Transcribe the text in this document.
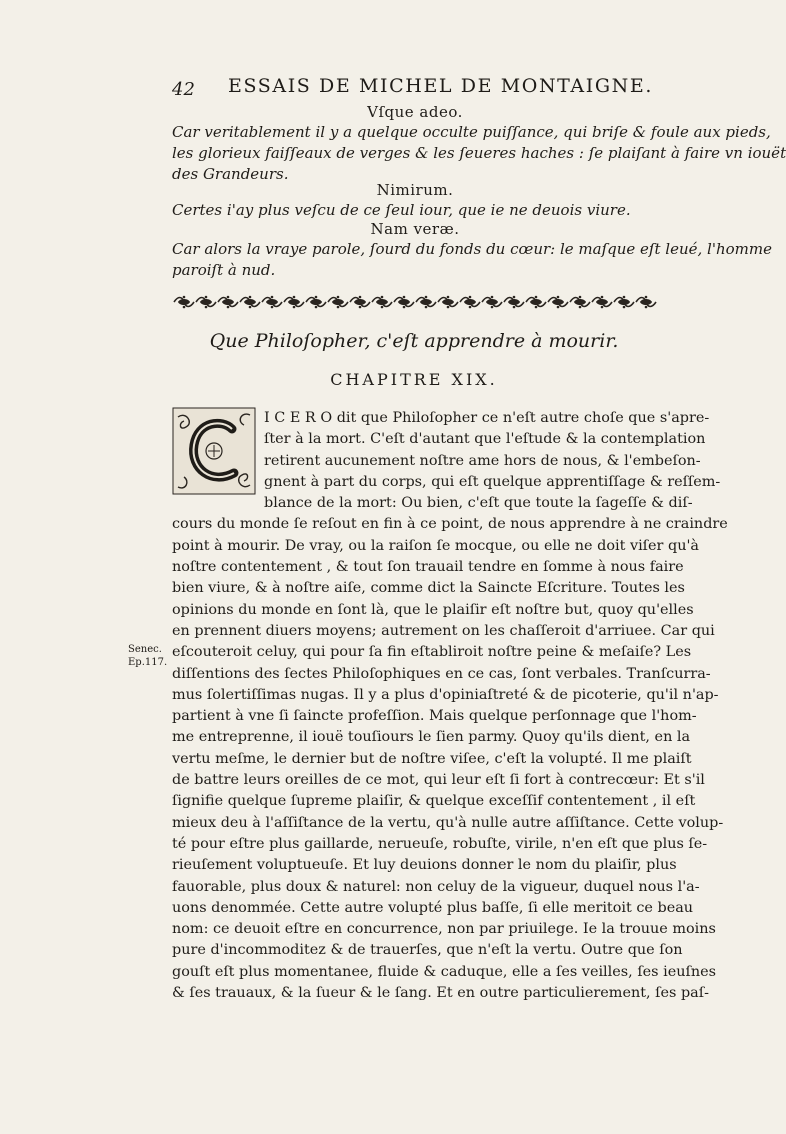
42 ESSAIS DE MICHEL DE MONTAIGNE.
Vſque adeo.
Car veritablement il y a quelque occulte puiſſance, qui briſe & foule aux pieds,
les glorieux faiſſeaux de verges & les ſeueres haches : ſe plaiſant à faire vn iouët
des Grandeurs.
Nimirum.
Certes i'ay plus veſcu de ce ſeul iour, que ie ne deuois viure.
Nam veræ.
Car alors la vraye parole, ſourd du fonds du cœur: le maſque eſt leué, l'homme
paroiſt à nud.
Que Philoſopher, c'eſt apprendre à mourir.
CHAPITRE XIX.
I C E R O dit que Philoſopher ce n'eſt autre choſe que s'apre-
ſter à la mort. C'eſt d'autant que l'eſtude & la contemplation
retirent aucunement noſtre ame hors de nous, & l'embeſon-
gnent à part du corps, qui eſt quelque apprentiſſage & reſſem-
blance de la mort: Ou bien, c'eſt que toute la ſageſſe & diſ-
cours du monde ſe reſout en fin à ce point, de nous apprendre à ne craindre
point à mourir. De vray, ou la raiſon ſe mocque, ou elle ne doit viſer qu'à
noſtre contentement , & tout ſon trauail tendre en ſomme à nous faire
bien viure, & à noſtre aiſe, comme dict la Saincte Eſcriture. Toutes les
opinions du monde en ſont là, que le plaiſir eſt noſtre but, quoy qu'elles
en prennent diuers moyens; autrement on les chaſſeroit d'arriuee. Car qui
eſcouteroit celuy, qui pour ſa fin eſtabliroit noſtre peine & meſaiſe? Les
diſſentions des ſectes Philoſophiques en ce cas, ſont verbales. Tranſcurra-
mus ſolertiſſimas nugas. Il y a plus d'opiniaſtreté & de picoterie, qu'il n'ap-
partient à vne ſi ſaincte profeſſion. Mais quelque perſonnage que l'hom-
me entreprenne, il iouë touſiours le ſien parmy. Quoy qu'ils dient, en la
vertu meſme, le dernier but de noſtre viſee, c'eſt la volupté. Il me plaiſt
de battre leurs oreilles de ce mot, qui leur eſt ſi fort à contrecœur: Et s'il
ſignifie quelque ſupreme plaiſir, & quelque exceſſif contentement , il eſt
mieux deu à l'aſſiſtance de la vertu, qu'à nulle autre aſſiſtance. Cette volup-
té pour eſtre plus gaillarde, nerueuſe, robuſte, virile, n'en eſt que plus ſe-
rieuſement voluptueuſe. Et luy deuions donner le nom du plaiſir, plus
fauorable, plus doux & naturel: non celuy de la vigueur, duquel nous l'a-
uons denommée. Cette autre volupté plus baſſe, ſi elle meritoit ce beau
nom: ce deuoit eſtre en concurrence, non par priuilege. Ie la trouue moins
pure d'incommoditez & de trauerſes, que n'eſt la vertu. Outre que ſon
gouſt eſt plus momentanee, fluide & caduque, elle a ſes veilles, ſes ieuſnes
& ſes trauaux, & la ſueur & le ſang. Et en outre particulierement, ſes paſ-
Senec.
Ep.117.
